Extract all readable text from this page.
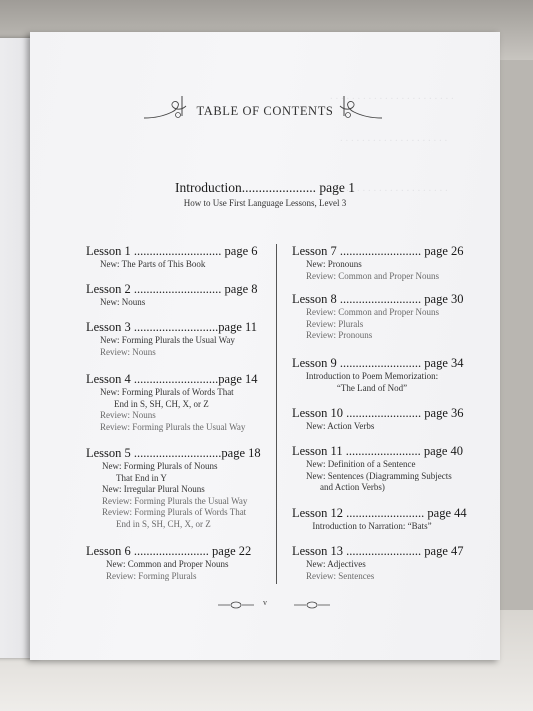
. . . . . . . . . . . . . . . . . . . . . . .
. . . . . . . . . . . . . . . . . . . .
. . . . . . . . . . . . . . . . . . . . .
TABLE OF CONTENTS
Introduction...................... page 1
How to Use First Language Lessons, Level 3
Lesson 1 ............................ page 6
New: The Parts of This Book
Lesson 2 ............................ page 8
New: Nouns
Lesson 3 ...........................page 11
New: Forming Plurals the Usual Way
Review: Nouns
Lesson 4 ...........................page 14
New: Forming Plurals of Words That
End in S, SH, CH, X, or Z
Review: Nouns
Review: Forming Plurals the Usual Way
Lesson 5 ............................page 18
New: Forming Plurals of Nouns
That End in Y
New: Irregular Plural Nouns
Review: Forming Plurals the Usual Way
Review: Forming Plurals of Words That
End in S, SH, CH, X, or Z
Lesson 6 ........................ page 22
New: Common and Proper Nouns
Review: Forming Plurals
Lesson 7 .......................... page 26
New: Pronouns
Review: Common and Proper Nouns
Lesson 8 .......................... page 30
Review: Common and Proper Nouns
Review: Plurals
Review: Pronouns
Lesson 9 .......................... page 34
Introduction to Poem Memorization:
“The Land of Nod”
Lesson 10 ........................ page 36
New: Action Verbs
Lesson 11 ........................ page 40
New: Definition of a Sentence
New: Sentences (Diagramming Subjects
and Action Verbs)
Lesson 12 ......................... page 44
Introduction to Narration: “Bats”
Lesson 13 ........................ page 47
New: Adjectives
Review: Sentences
v
